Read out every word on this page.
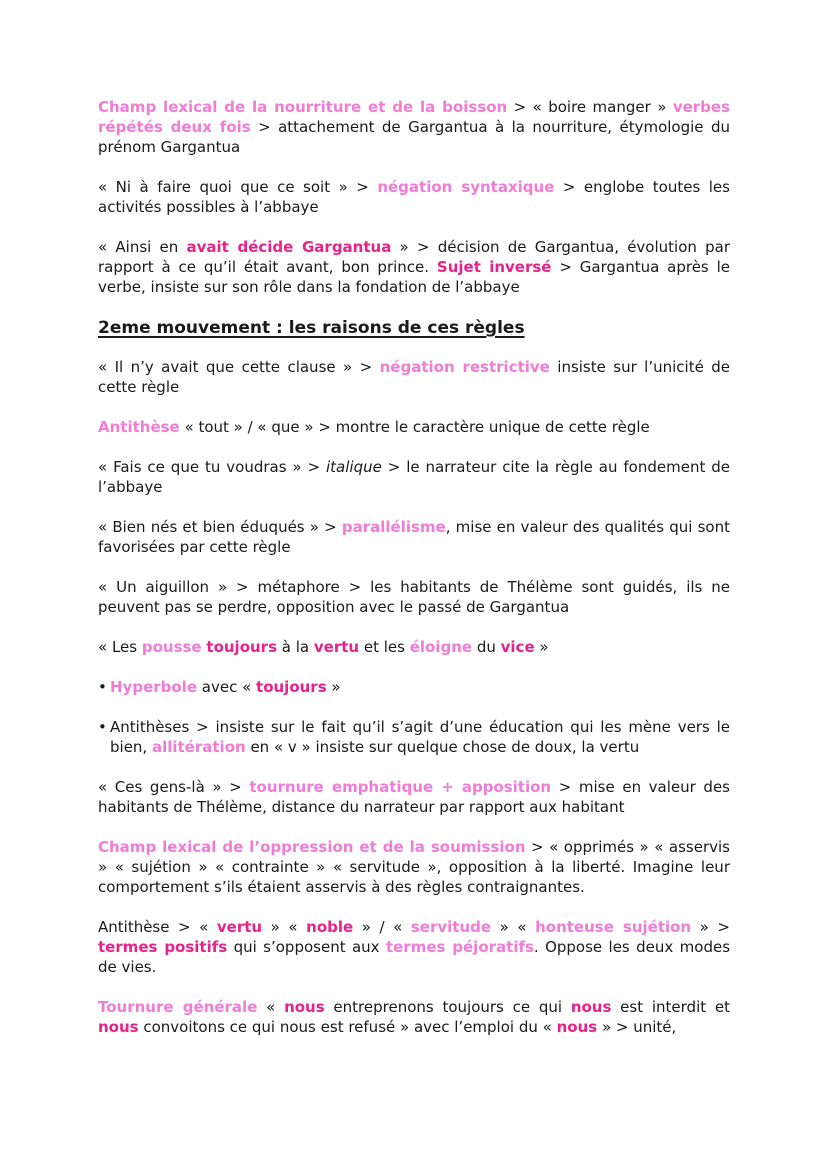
Champ lexical de la nourriture et de la boisson > « boire manger » verbes répétés deux fois > attachement de Gargantua à la nourriture, étymologie du prénom Gargantua

« Ni à faire quoi que ce soit » > négation syntaxique > englobe toutes les activités possibles à l’abbaye

« Ainsi en avait décide Gargantua » > décision de Gargantua, évolution par rapport à ce qu’il était avant, bon prince. Sujet inversé > Gargantua après le verbe, insiste sur son rôle dans la fondation de l’abbaye

2eme mouvement : les raisons de ces règles

« Il n’y avait que cette clause » > négation restrictive insiste sur l’unicité de cette règle

Antithèse « tout » / « que » > montre le caractère unique de cette règle

« Fais ce que tu voudras » > italique > le narrateur cite la règle au fondement de l’abbaye

« Bien nés et bien éduqués » > parallélisme, mise en valeur des qualités qui sont favorisées par cette règle

« Un aiguillon » > métaphore > les habitants de Thélème sont guidés, ils ne peuvent pas se perdre, opposition avec le passé de Gargantua

« Les pousse toujours à la vertu et les éloigne du vice »

• Hyperbole avec « toujours »

• Antithèses > insiste sur le fait qu’il s’agit d’une éducation qui les mène vers le bien, allitération en « v » insiste sur quelque chose de doux, la vertu

« Ces gens-là » > tournure emphatique + apposition > mise en valeur des habitants de Thélème, distance du narrateur par rapport aux habitant

Champ lexical de l’oppression et de la soumission > « opprimés » « asservis » « sujétion » « contrainte » « servitude », opposition à la liberté. Imagine leur comportement s’ils étaient asservis à des règles contraignantes.

Antithèse > « vertu » « noble » / « servitude » « honteuse sujétion » > termes positifs qui s’opposent aux termes péjoratifs. Oppose les deux modes de vies.

Tournure générale « nous entreprenons toujours ce qui nous est interdit et nous convoitons ce qui nous est refusé » avec l’emploi du « nous » > unité,
